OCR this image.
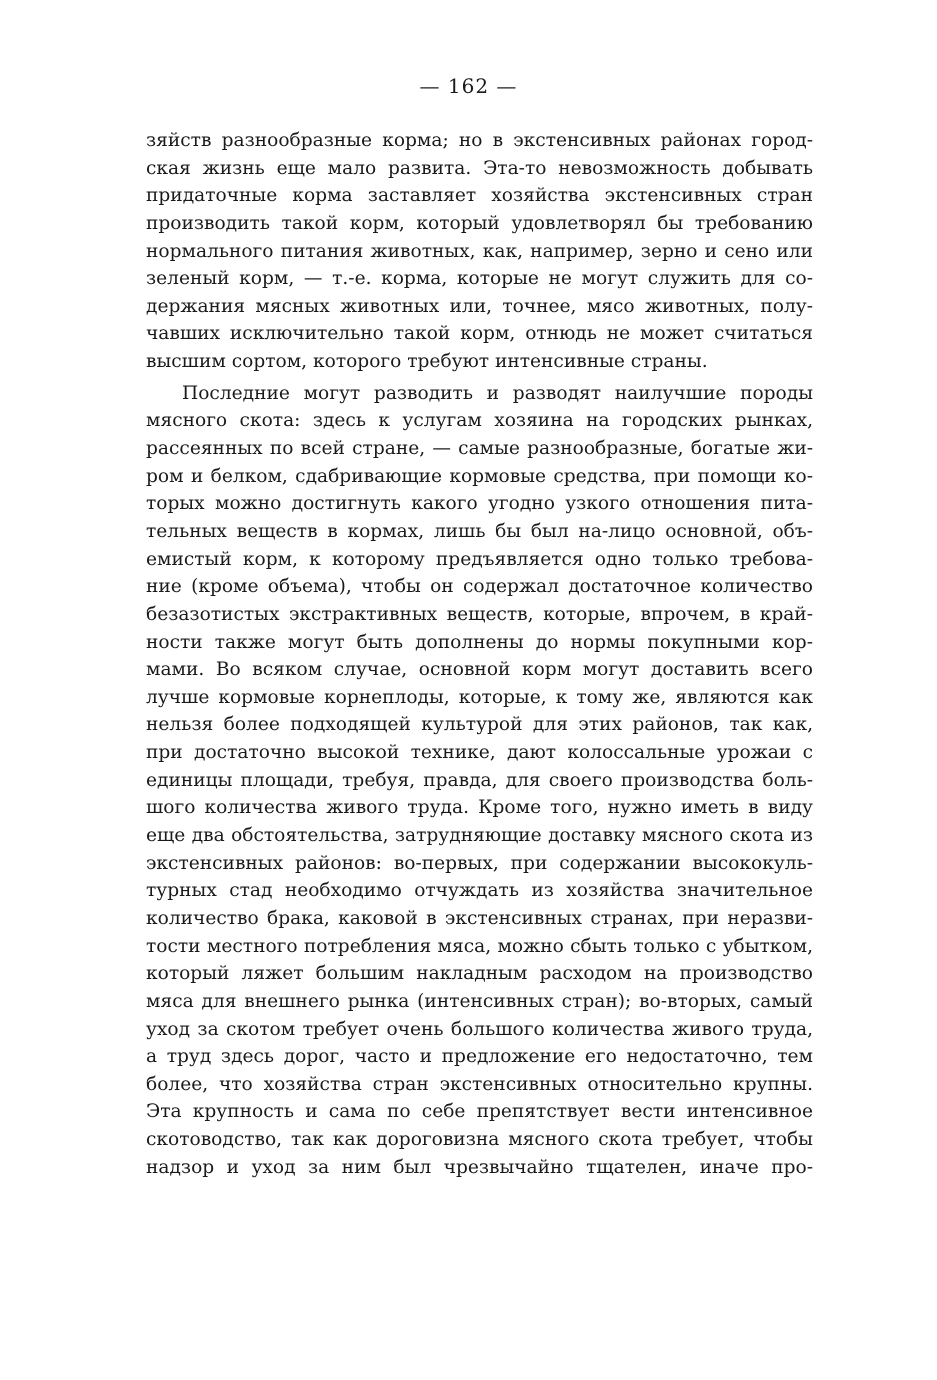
— 162 —
зяйств разнообразные корма; но в экстенсивных районах город-
ская жизнь еще мало развита. Эта-то невозможность добывать
придаточные корма заставляет хозяйства экстенсивных стран
производить такой корм, который удовлетворял бы требованию
нормального питания животных, как, например, зерно и сено или
зеленый корм, — т.-е. корма, которые не могут служить для со-
держания мясных животных или, точнее, мясо животных, полу-
чавших исключительно такой корм, отнюдь не может считаться
высшим сортом, которого требуют интенсивные страны.
Последние могут разводить и разводят наилучшие породы
мясного скота: здесь к услугам хозяина на городских рынках,
рассеянных по всей стране, — самые разнообразные, богатые жи-
ром и белком, сдабривающие кормовые средства, при помощи ко-
торых можно достигнуть какого угодно узкого отношения пита-
тельных веществ в кормах, лишь бы был на-лицо основной, объ-
емистый корм, к которому предъявляется одно только требова-
ние (кроме объема), чтобы он содержал достаточное количество
безазотистых экстрактивных веществ, которые, впрочем, в край-
ности также могут быть дополнены до нормы покупными кор-
мами. Во всяком случае, основной корм могут доставить всего
лучше кормовые корнеплоды, которые, к тому же, являются как
нельзя более подходящей культурой для этих районов, так как,
при достаточно высокой технике, дают колоссальные урожаи с
единицы площади, требуя, правда, для своего производства боль-
шого количества живого труда. Кроме того, нужно иметь в виду
еще два обстоятельства, затрудняющие доставку мясного скота из
экстенсивных районов: во-первых, при содержании высококуль-
турных стад необходимо отчуждать из хозяйства значительное
количество брака, каковой в экстенсивных странах, при неразви-
тости местного потребления мяса, можно сбыть только с убытком,
который ляжет большим накладным расходом на производство
мяса для внешнего рынка (интенсивных стран); во-вторых, самый
уход за скотом требует очень большого количества живого труда,
а труд здесь дорог, часто и предложение его недостаточно, тем
более, что хозяйства стран экстенсивных относительно крупны.
Эта крупность и сама по себе препятствует вести интенсивное
скотоводство, так как дороговизна мясного скота требует, чтобы
надзор и уход за ним был чрезвычайно тщателен, иначе про-
